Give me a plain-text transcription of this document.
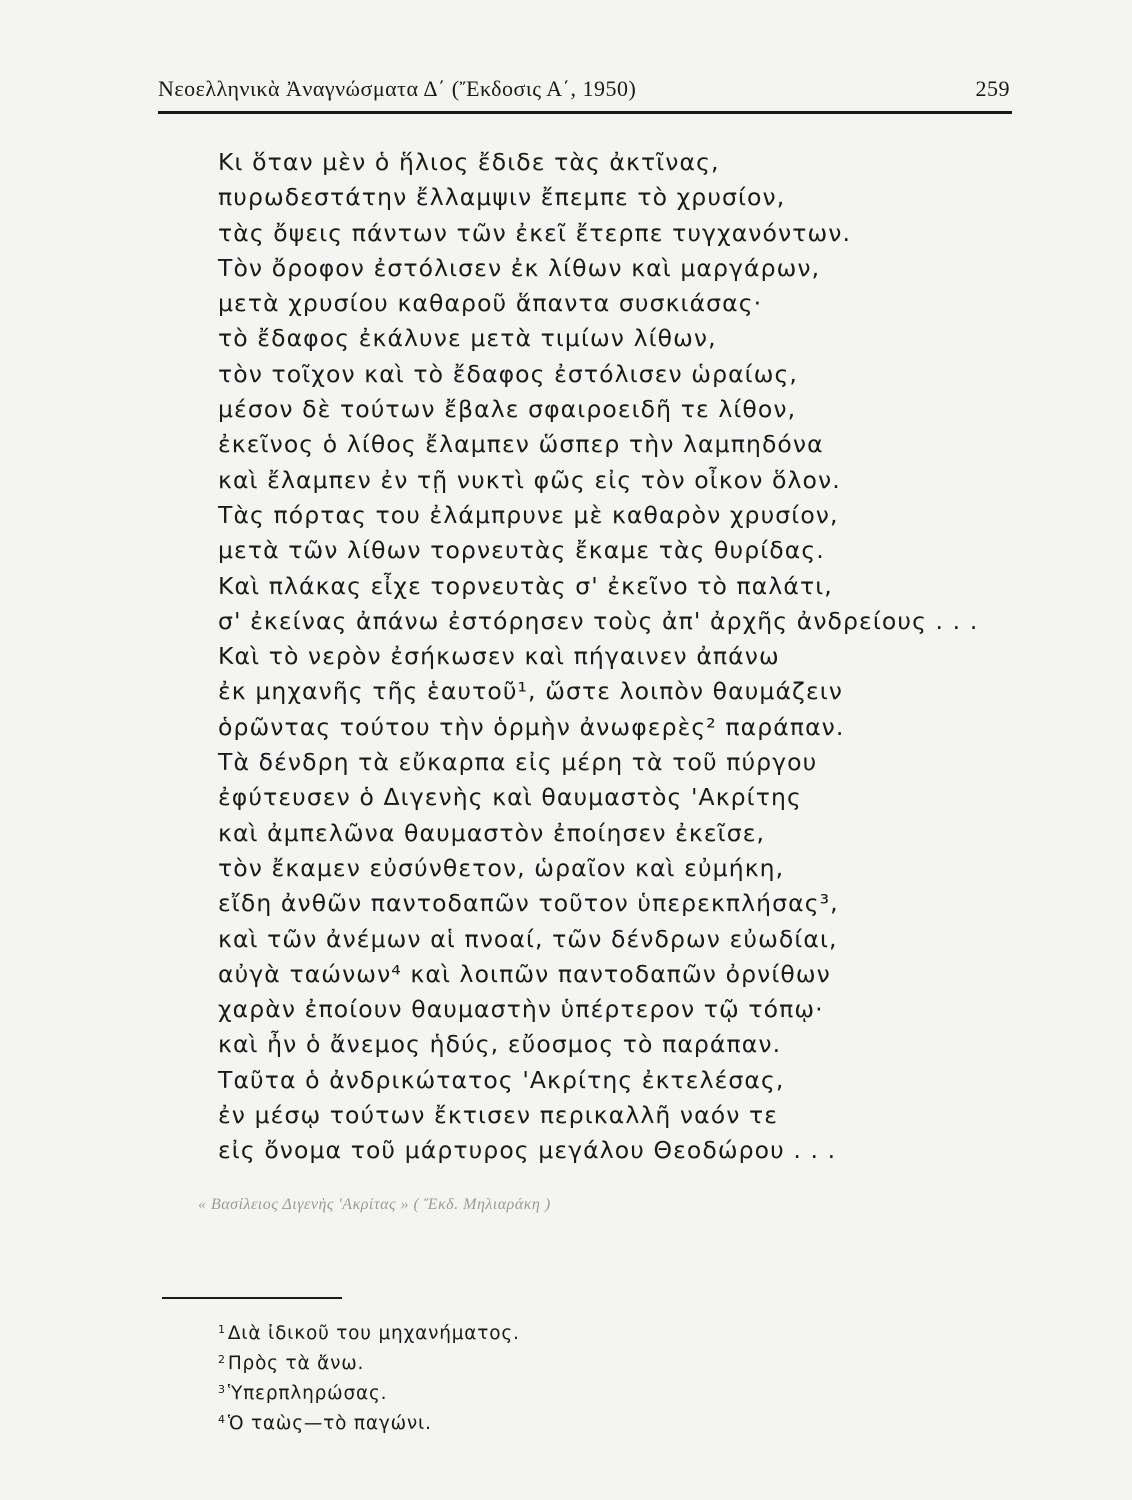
Νεοελληνικὰ Ἀναγνώσματα Δ΄ (Ἔκδοσις Α΄, 1950)	259
Κι ὅταν μὲν ὁ ἥλιος ἔδιδε τὰς ἀκτῖνας,
πυρωδεστάτην ἔλλαμψιν ἔπεμπε τὸ χρυσίον,
τὰς ὄψεις πάντων τῶν ἐκεῖ ἔτερπε τυγχανόντων.
Τὸν ὄροφον ἐστόλισεν ἐκ λίθων καὶ μαργάρων,
μετὰ χρυσίου καθαροῦ ἅπαντα συσκιάσας·
τὸ ἔδαφος ἐκάλυνε μετὰ τιμίων λίθων,
τὸν τοῖχον καὶ τὸ ἔδαφος ἐστόλισεν ὡραίως,
μέσον δὲ τούτων ἔβαλε σφαιροειδῆ τε λίθον,
ἐκεῖνος ὁ λίθος ἔλαμπεν ὥσπερ τὴν λαμπηδόνα
καὶ ἔλαμπεν ἐν τῇ νυκτὶ φῶς εἰς τὸν οἶκον ὅλον.
Τὰς πόρτας του ἐλάμπρυνε μὲ καθαρὸν χρυσίον,
μετὰ τῶν λίθων τορνευτὰς ἔκαμε τὰς θυρίδας.
Καὶ πλάκας εἶχε τορνευτὰς σ' ἐκεῖνο τὸ παλάτι,
σ' ἐκείνας ἀπάνω ἐστόρησεν τοὺς ἀπ' ἀρχῆς ἀνδρείους . . .
Καὶ τὸ νερὸν ἐσήκωσεν καὶ πήγαινεν ἀπάνω
ἐκ μηχανῆς τῆς ἑαυτοῦ¹, ὥστε λοιπὸν θαυμάζειν
ὁρῶντας τούτου τὴν ὁρμὴν ἀνωφερὲς² παράπαν.
Τὰ δένδρη τὰ εὔκαρπα εἰς μέρη τὰ τοῦ πύργου
ἐφύτευσεν ὁ Διγενὴς καὶ θαυμαστὸς 'Ακρίτης
καὶ ἀμπελῶνα θαυμαστὸν ἐποίησεν ἐκεῖσε,
τὸν ἔκαμεν εὐσύνθετον, ὡραῖον καὶ εὐμήκη,
εἴδη ἀνθῶν παντοδαπῶν τοῦτον ὑπερεκπλήσας³,
καὶ τῶν ἀνέμων αἱ πνοαί, τῶν δένδρων εὐωδίαι,
αὐγὰ ταώνων⁴ καὶ λοιπῶν παντοδαπῶν ὀρνίθων
χαρὰν ἐποίουν θαυμαστὴν ὑπέρτερον τῷ τόπῳ·
καὶ ἦν ὁ ἄνεμος ἡδύς, εὔοσμος τὸ παράπαν.
Ταῦτα ὁ ἀνδρικώτατος 'Ακρίτης ἐκτελέσας,
ἐν μέσῳ τούτων ἔκτισεν περικαλλῆ ναόν τε
εἰς ὄνομα τοῦ μάρτυρος μεγάλου Θεοδώρου . . .
« Βασίλειος Διγενὴς 'Ακρίτας » ( Ἔκδ. Μηλιαράκη )
$^1$ Διὰ ἰδικοῦ του μηχανήματος.
$^2$ Πρὸς τὰ ἄνω.
$^3$ Ὑπερπληρώσας.
$^4$ Ὁ ταὼς—τὸ παγώνι.
